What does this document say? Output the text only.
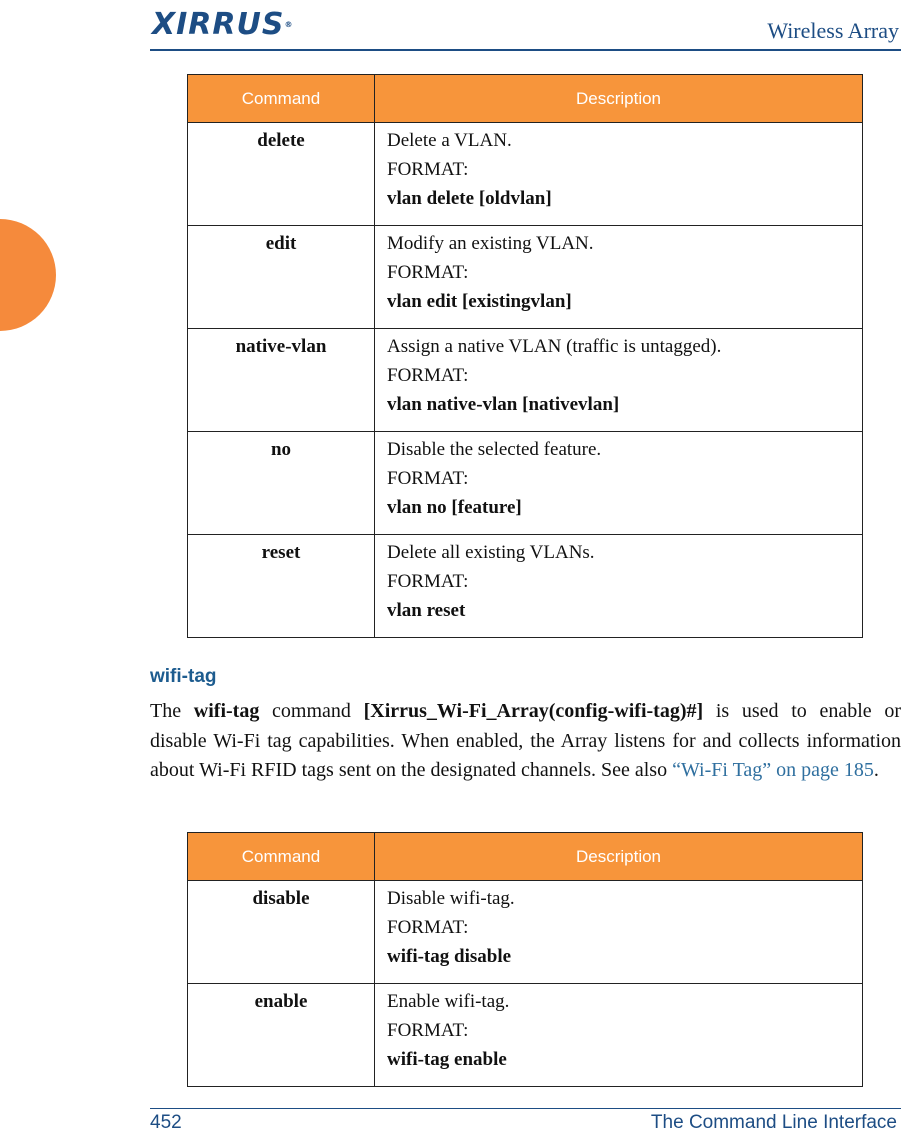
XIRRUS®	Wireless Array
Command	Description
delete	Delete a VLAN.
FORMAT:
vlan delete [oldvlan]

edit	Modify an existing VLAN.
FORMAT:
vlan edit [existingvlan]

native-vlan	Assign a native VLAN (traffic is untagged).
FORMAT:
vlan native-vlan [nativevlan]

no	Disable the selected feature.
FORMAT:
vlan no [feature]

reset	Delete all existing VLANs.
FORMAT:
vlan reset
wifi-tag
The wifi-tag command [Xirrus_Wi-Fi_Array(config-wifi-tag)#] is used to enable or disable Wi-Fi tag capabilities. When enabled, the Array listens for and collects information about Wi-Fi RFID tags sent on the designated channels. See also “Wi-Fi Tag” on page 185.
Command	Description
disable	Disable wifi-tag.
FORMAT:
wifi-tag disable

enable	Enable wifi-tag.
FORMAT:
wifi-tag enable
452	The Command Line Interface
